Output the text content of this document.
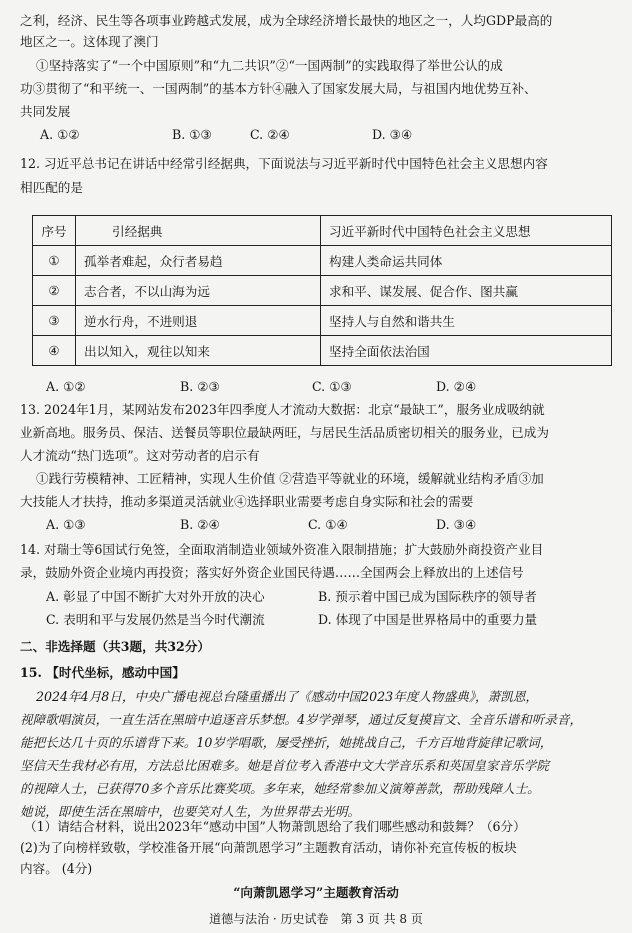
之利，经济、民生等各项事业跨越式发展，成为全球经济增长最快的地区之一，人均GDP最高的
地区之一。这体现了澳门
①坚持落实了“一个中国原则”和“九二共识”②“一国两制”的实践取得了举世公认的成
功③贯彻了“和平统一、一国两制”的基本方针④融入了国家发展大局，与祖国内地优势互补、
共同发展
A. ①②	B. ①③	C. ②④	D. ③④
12. 习近平总书记在讲话中经常引经据典，下面说法与习近平新时代中国特色社会主义思想内容
相匹配的是
序号	引经据典	习近平新时代中国特色社会主义思想
①	孤举者难起，众行者易趋	构建人类命运共同体
②	志合者，不以山海为远	求和平、谋发展、促合作、图共赢
③	逆水行舟，不进则退	坚持人与自然和谐共生
④	出以知入，观往以知来	坚持全面依法治国
A. ①②	B. ②③	C. ①③	D. ②④
13. 2024年1月，某网站发布2023年四季度人才流动大数据：北京“最缺工”，服务业成吸纳就
业新高地。服务员、保洁、送餐员等职位最缺两旺，与居民生活品质密切相关的服务业，已成为
人才流动“热门选项”。这对劳动者的启示有
①践行劳模精神、工匠精神，实现人生价值 ②营造平等就业的环境，缓解就业结构矛盾③加
大技能人才扶持，推动多渠道灵活就业④选择职业需要考虑自身实际和社会的需要
A. ①③	B. ②④	C. ①④	D. ③④
14. 对瑞士等6国试行免签，全面取消制造业领域外资准入限制措施；扩大鼓励外商投资产业目
录，鼓励外资企业境内再投资；落实好外资企业国民待遇……全国两会上释放出的上述信号
A. 彰显了中国不断扩大对外开放的决心	B. 预示着中国已成为国际秩序的领导者
C. 表明和平与发展仍然是当今时代潮流	D. 体现了中国是世界格局中的重要力量
二、非选择题（共3题，共32分）
15. 【时代坐标，感动中国】
2024年4月8日，中央广播电视总台隆重播出了《感动中国2023年度人物盛典》，萧凯恩，
视障歌唱演员，一直生活在黑暗中追逐音乐梦想。4岁学弹琴，通过反复摸盲文、全音乐谱和听录音，
能把长达几十页的乐谱背下来。10岁学唱歌，屡受挫折，她挑战自己，千方百地背旋律记歌词，
坚信天生我材必有用，方法总比困难多。她是首位考入香港中文大学音乐系和英国皇家音乐学院
的视障人士，已获得70多个音乐比赛奖项。多年来，她经常参加义演筹善款，帮助残障人士。
她说，即使生活在黑暗中，也要笑对人生，为世界带去光明。
（1）请结合材料，说出2023年“感动中国”人物萧凯恩给了我们哪些感动和鼓舞？（6分）
(2)为了向榜样致敬，学校准备开展“向萧凯恩学习”主题教育活动，请你补充宣传板的板块
内容。 (4分)
“向萧凯恩学习”主题教育活动
道德与法治 · 历史试卷　第 3 页 共 8 页
